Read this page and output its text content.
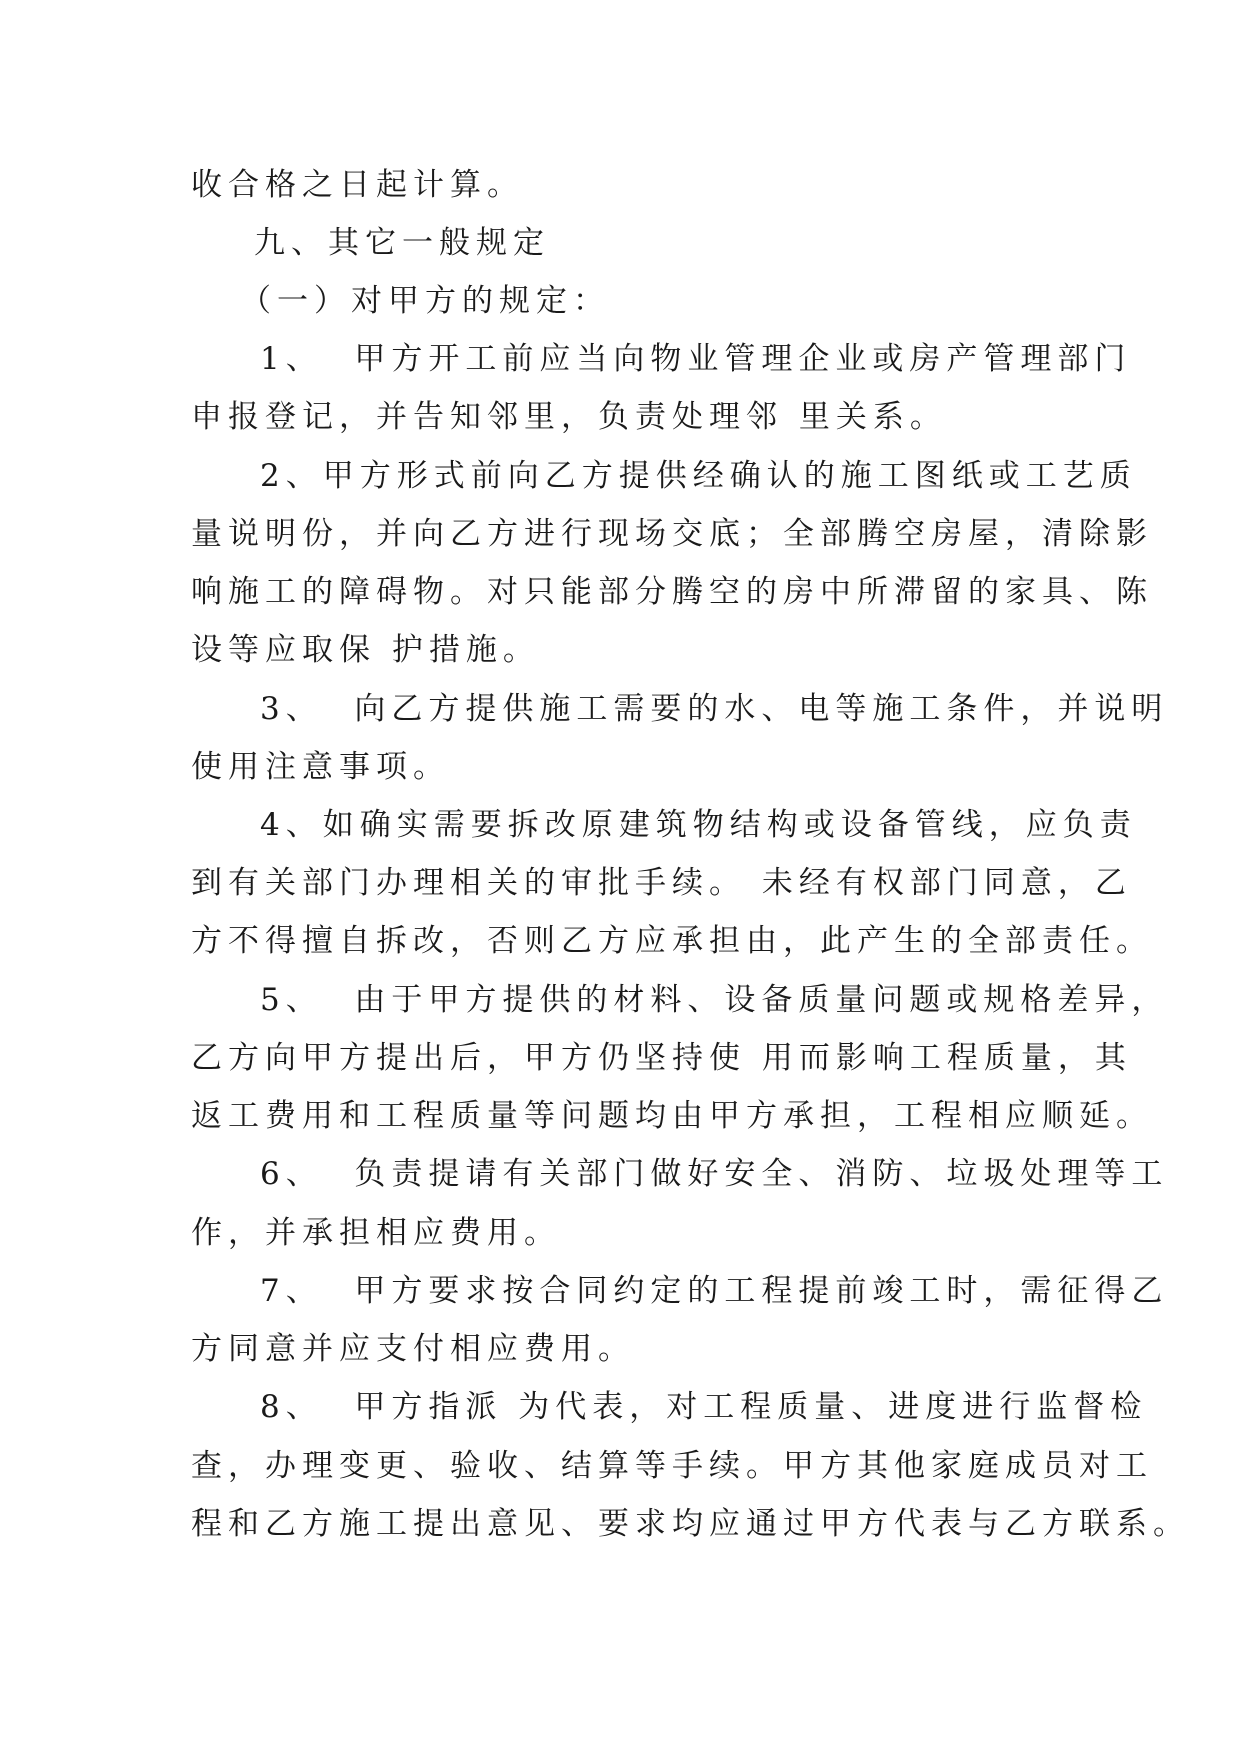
收合格之日起计算。
九、其它一般规定
（一）对甲方的规定：
1、  甲方开工前应当向物业管理企业或房产管理部门
申报登记，并告知邻里，负责处理邻 里关系。
2、甲方形式前向乙方提供经确认的施工图纸或工艺质
量说明份，并向乙方进行现场交底；全部腾空房屋，清除影
响施工的障碍物。对只能部分腾空的房中所滞留的家具、陈
设等应取保 护措施。
3、  向乙方提供施工需要的水、电等施工条件，并说明
使用注意事项。
4、如确实需要拆改原建筑物结构或设备管线，应负责
到有关部门办理相关的审批手续。 未经有权部门同意，乙
方不得擅自拆改，否则乙方应承担由，此产生的全部责任。
5、  由于甲方提供的材料、设备质量问题或规格差异，
乙方向甲方提出后，甲方仍坚持使 用而影响工程质量，其
返工费用和工程质量等问题均由甲方承担，工程相应顺延。
6、  负责提请有关部门做好安全、消防、垃圾处理等工
作，并承担相应费用。
7、  甲方要求按合同约定的工程提前竣工时，需征得乙
方同意并应支付相应费用。
8、  甲方指派 为代表，对工程质量、进度进行监督检
查，办理变更、验收、结算等手续。甲方其他家庭成员对工
程和乙方施工提出意见、要求均应通过甲方代表与乙方联系。
